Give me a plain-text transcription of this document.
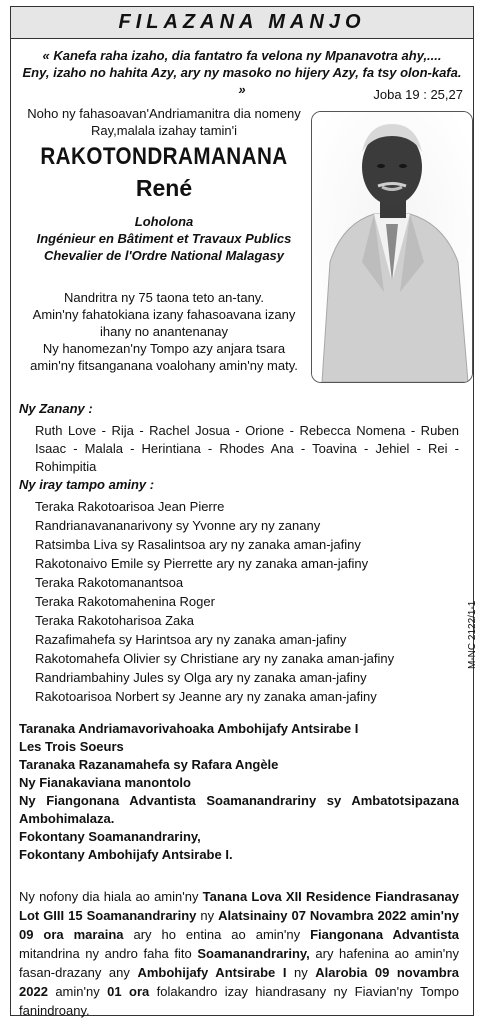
FILAZANA MANJO
« Kanefa raha izaho, dia fantatro fa velona ny Mpanavotra ahy,....
Eny, izaho no hahita Azy, ary ny masoko no hijery Azy, fa tsy olon-kafa. »	Joba 19 : 25,27
Noho ny fahasoavan'Andriamanitra dia nomeny
Ray,malala izahay tamin'i
RAKOTONDRAMANANA
René
Loholona
Ingénieur en Bâtiment et Travaux Publics
Chevalier de l'Ordre National Malagasy
Nandritra ny 75 taona teto an-tany.
Amin'ny fahatokiana izany fahasoavana izany
ihany no anantenanay
Ny hanomezan'ny Tompo azy anjara tsara
amin'ny fitsanganana voalohany amin'ny maty.
Ny Zanany :
Ruth Love - Rija - Rachel Josua - Orione - Rebecca Nomena - Ruben Isaac - Malala - Herintiana - Rhodes Ana - Toavina - Jehiel - Rei - Rohimpitia
Ny iray tampo aminy :
Teraka Rakotoarisoa Jean Pierre
Randrianavananarivony sy Yvonne ary ny zanany
Ratsimba Liva sy Rasalintsoa ary ny zanaka aman-jafiny
Rakotonaivo Emile sy Pierrette ary ny zanaka aman-jafiny
Teraka Rakotomanantsoa
Teraka Rakotomahenina Roger
Teraka Rakotoharisoa Zaka
Razafimahefa sy Harintsoa ary ny zanaka aman-jafiny
Rakotomahefa Olivier sy Christiane ary ny zanaka aman-jafiny
Randriambahiny Jules sy Olga ary ny zanaka aman-jafiny
Rakotoarisoa Norbert sy Jeanne ary ny zanaka aman-jafiny
M-NC 2122/1-1
Taranaka Andriamavorivahoaka Ambohijafy Antsirabe I
Les Trois Soeurs
Taranaka Razanamahefa sy Rafara Angèle
Ny Fianakaviana manontolo
Ny Fiangonana Advantista Soamanandrariny sy Ambatotsipazana Ambohimalaza.
Fokontany Soamanandrariny,
Fokontany Ambohijafy Antsirabe I.
Ny nofony dia hiala ao amin'ny Tanana Lova XII Residence Fiandrasanay Lot GIII 15 Soamanandrariny ny Alatsinainy 07 Novambra 2022 amin'ny 09 ora maraina ary ho entina ao amin'ny Fiangonana Advantista mitandrina ny andro faha fito Soamanandrariny, ary hafenina ao amin'ny fasan-drazany any Ambohijafy Antsirabe I ny Alarobia 09 novambra 2022 amin'ny 01 ora folakandro izay hiandrasany ny Fiavian'ny Tompo fanindroany.
